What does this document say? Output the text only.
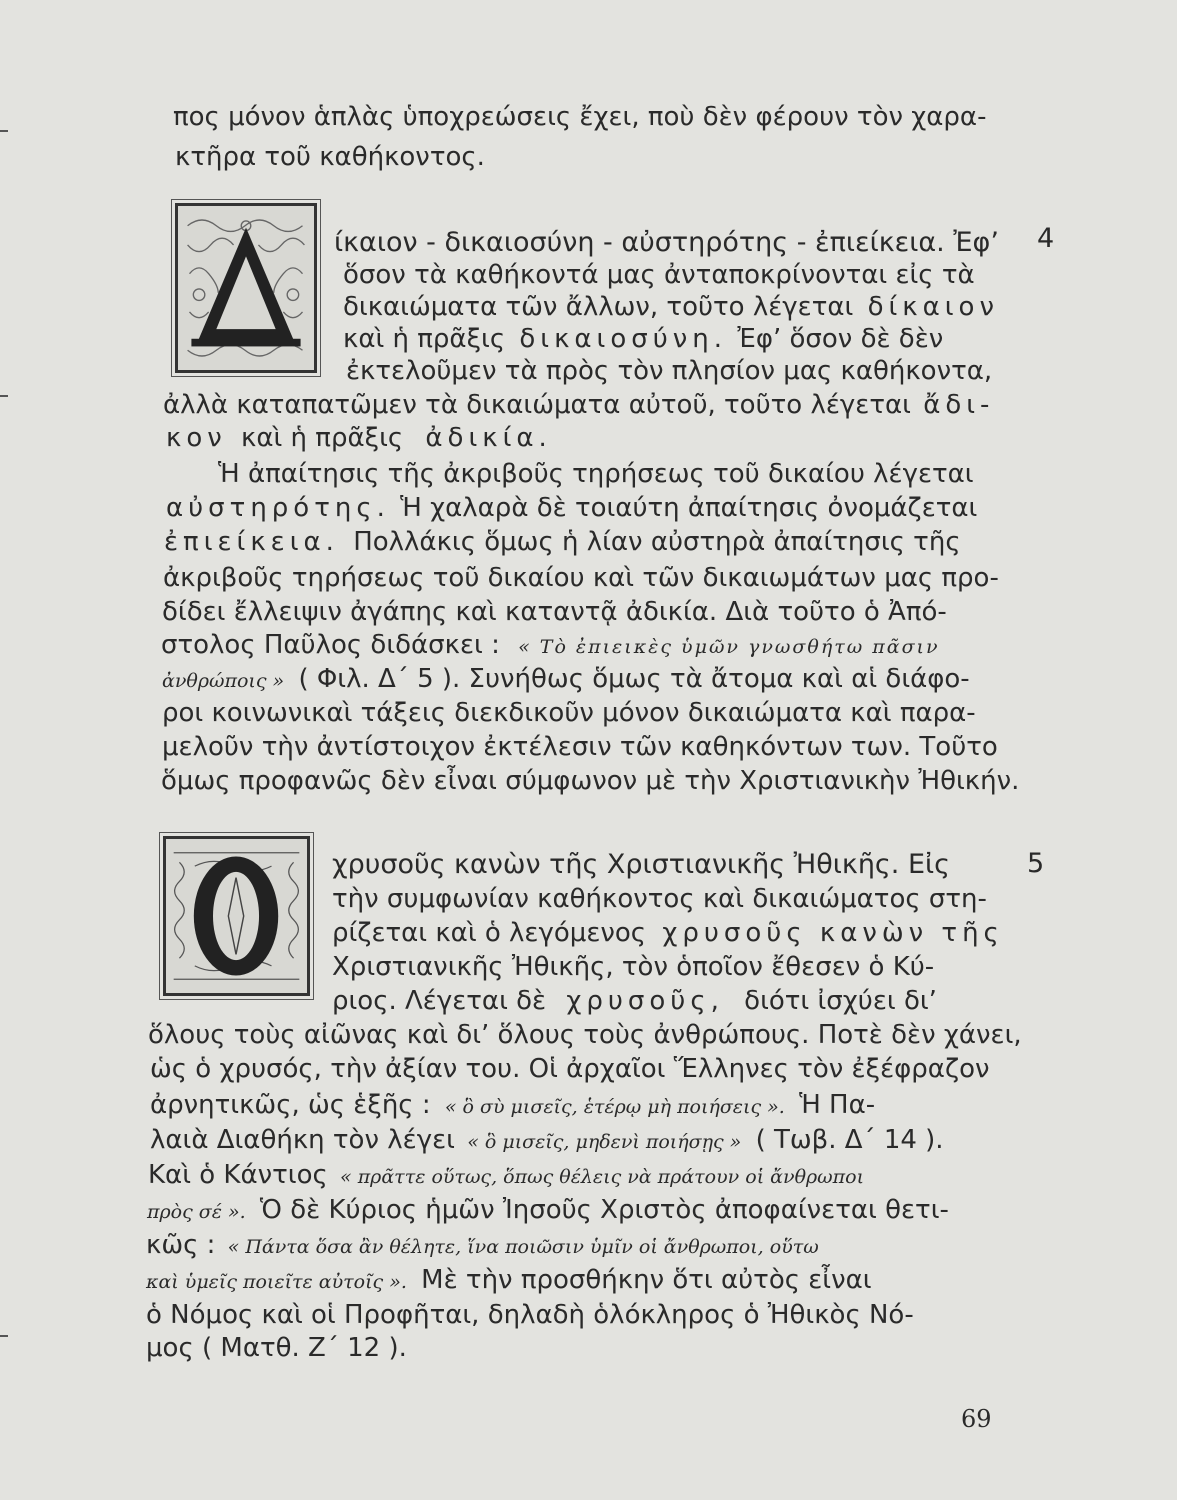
πος μόνον ἁπλὰς ὑποχρεώσεις ἔχει, ποὺ δὲν φέρουν τὸν χαρα-
κτῆρα τοῦ καθήκοντος.
4
ίκαιον - δικαιοσύνη - αὐστηρότης - ἐπιείκεια. Ἐφ’
ὅσον τὰ καθήκοντά μας ἀνταποκρίνονται εἰς τὰ
δικαιώματα τῶν ἄλλων, τοῦτο λέγεται δίκαιον
καὶ ἡ πρᾶξις δικαιοσύνη. Ἐφ’ ὅσον δὲ δὲν
ἐκτελοῦμεν τὰ πρὸς τὸν πλησίον μας καθήκοντα,
ἀλλὰ καταπατῶμεν τὰ δικαιώματα αὐτοῦ, τοῦτο λέγεται ἄδι-
κον καὶ ἡ πρᾶξις ἀδικία.
Ἡ ἀπαίτησις τῆς ἀκριβοῦς τηρήσεως τοῦ δικαίου λέγεται
αὐστηρότης. Ἡ χαλαρὰ δὲ τοιαύτη ἀπαίτησις ὀνομάζεται
ἐπιείκεια. Πολλάκις ὅμως ἡ λίαν αὐστηρὰ ἀπαίτησις τῆς
ἀκριβοῦς τηρήσεως τοῦ δικαίου καὶ τῶν δικαιωμάτων μας προ-
δίδει ἔλλειψιν ἀγάπης καὶ καταντᾷ ἀδικία. Διὰ τοῦτο ὁ Ἀπό-
στολος Παῦλος διδάσκει : « Τὸ ἐπιεικὲς ὑμῶν γνωσθήτω πᾶσιν
ἀνθρώποις » ( Φιλ. Δ΄ 5 ). Συνήθως ὅμως τὰ ἄτομα καὶ αἱ διάφο-
ροι κοινωνικαὶ τάξεις διεκδικοῦν μόνον δικαιώματα καὶ παρα-
μελοῦν τὴν ἀντίστοιχον ἐκτέλεσιν τῶν καθηκόντων των. Τοῦτο
ὅμως προφανῶς δὲν εἶναι σύμφωνον μὲ τὴν Χριστιανικὴν Ἠθικήν.
5
χρυσοῦς κανὼν τῆς Χριστιανικῆς Ἠθικῆς. Εἰς
τὴν συμφωνίαν καθήκοντος καὶ δικαιώματος στη-
ρίζεται καὶ ὁ λεγόμενος χρυσοῦς κανὼν τῆς
Χριστιανικῆς Ἠθικῆς, τὸν ὁποῖον ἔθεσεν ὁ Κύ-
ριος. Λέγεται δὲ χρυσοῦς, διότι ἰσχύει δι’
ὅλους τοὺς αἰῶνας καὶ δι’ ὅλους τοὺς ἀνθρώπους. Ποτὲ δὲν χάνει,
ὡς ὁ χρυσός, τὴν ἀξίαν του. Οἱ ἀρχαῖοι Ἕλληνες τὸν ἐξέφραζον
ἀρνητικῶς, ὡς ἑξῆς : « ὃ σὺ μισεῖς, ἑτέρῳ μὴ ποιήσεις ». Ἡ Πα-
λαιὰ Διαθήκη τὸν λέγει « ὃ μισεῖς, μηδενὶ ποιήσῃς » ( Τωβ. Δ΄ 14 ).
Καὶ ὁ Κάντιος « πρᾶττε οὕτως, ὅπως θέλεις νὰ πράτουν οἱ ἄνθρωποι
πρὸς σέ ». Ὁ δὲ Κύριος ἡμῶν Ἰησοῦς Χριστὸς ἀποφαίνεται θετι-
κῶς : « Πάντα ὅσα ἂν θέλητε, ἵνα ποιῶσιν ὑμῖν οἱ ἄνθρωποι, οὕτω
καὶ ὑμεῖς ποιεῖτε αὐτοῖς ». Μὲ τὴν προσθήκην ὅτι αὐτὸς εἶναι
ὁ Νόμος καὶ οἱ Προφῆται, δηλαδὴ ὁλόκληρος ὁ Ἠθικὸς Νό-
μος ( Ματθ. Ζ΄ 12 ).
69
